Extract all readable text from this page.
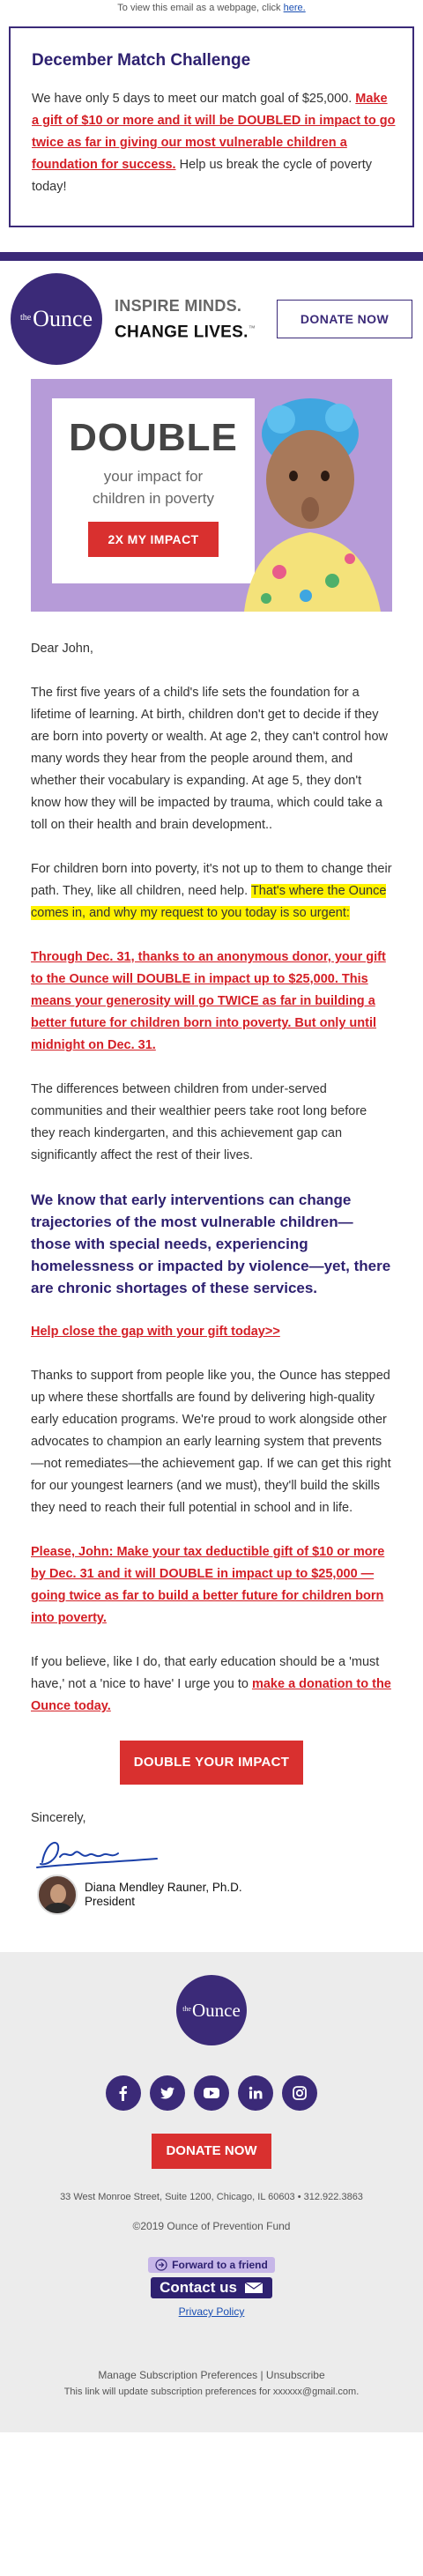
To view this email as a webpage, click here.
December Match Challenge
We have only 5 days to meet our match goal of $25,000. Make a gift of $10 or more and it will be DOUBLED in impact to go twice as far in giving our most vulnerable children a foundation for success. Help us break the cycle of poverty today!
the Ounce
INSPIRE MINDS.
CHANGE LIVES.™
DONATE NOW
DOUBLE
your impact for
children in poverty
2X MY IMPACT

Dear John,

The first five years of a child's life sets the foundation for a lifetime of learning. At birth, children don't get to decide if they are born into poverty or wealth. At age 2, they can't control how many words they hear from the people around them, and whether their vocabulary is expanding. At age 5, they don't know how they will be impacted by trauma, which could take a toll on their health and brain development..

For children born into poverty, it's not up to them to change their path. They, like all children, need help. That's where the Ounce comes in, and why my request to you today is so urgent:

Through Dec. 31, thanks to an anonymous donor, your gift to the Ounce will DOUBLE in impact up to $25,000. This means your generosity will go TWICE as far in building a better future for children born into poverty. But only until midnight on Dec. 31.

The differences between children from under-served communities and their wealthier peers take root long before they reach kindergarten, and this achievement gap can significantly affect the rest of their lives.

We know that early interventions can change trajectories of the most vulnerable children—those with special needs, experiencing homelessness or impacted by violence—yet, there are chronic shortages of these services.

Help close the gap with your gift today>>

Thanks to support from people like you, the Ounce has stepped up where these shortfalls are found by delivering high-quality early education programs. We're proud to work alongside other advocates to champion an early learning system that prevents—not remediates—the achievement gap. If we can get this right for our youngest learners (and we must), they'll build the skills they need to reach their full potential in school and in life.

Please, John: Make your tax deductible gift of $10 or more by Dec. 31 and it will DOUBLE in impact up to $25,000 — going twice as far to build a better future for children born into poverty.

If you believe, like I do, that early education should be a 'must have,' not a 'nice to have' I urge you to make a donation to the Ounce today.

DOUBLE YOUR IMPACT
Sincerely,
Diana Mendley Rauner, Ph.D.
President
the Ounce
DONATE NOW
33 West Monroe Street, Suite 1200, Chicago, IL 60603 • 312.922.3863
©2019 Ounce of Prevention Fund
Forward to a friend
Contact us
Privacy Policy
Manage Subscription Preferences | Unsubscribe
This link will update subscription preferences for xxxxxx@gmail.com.
